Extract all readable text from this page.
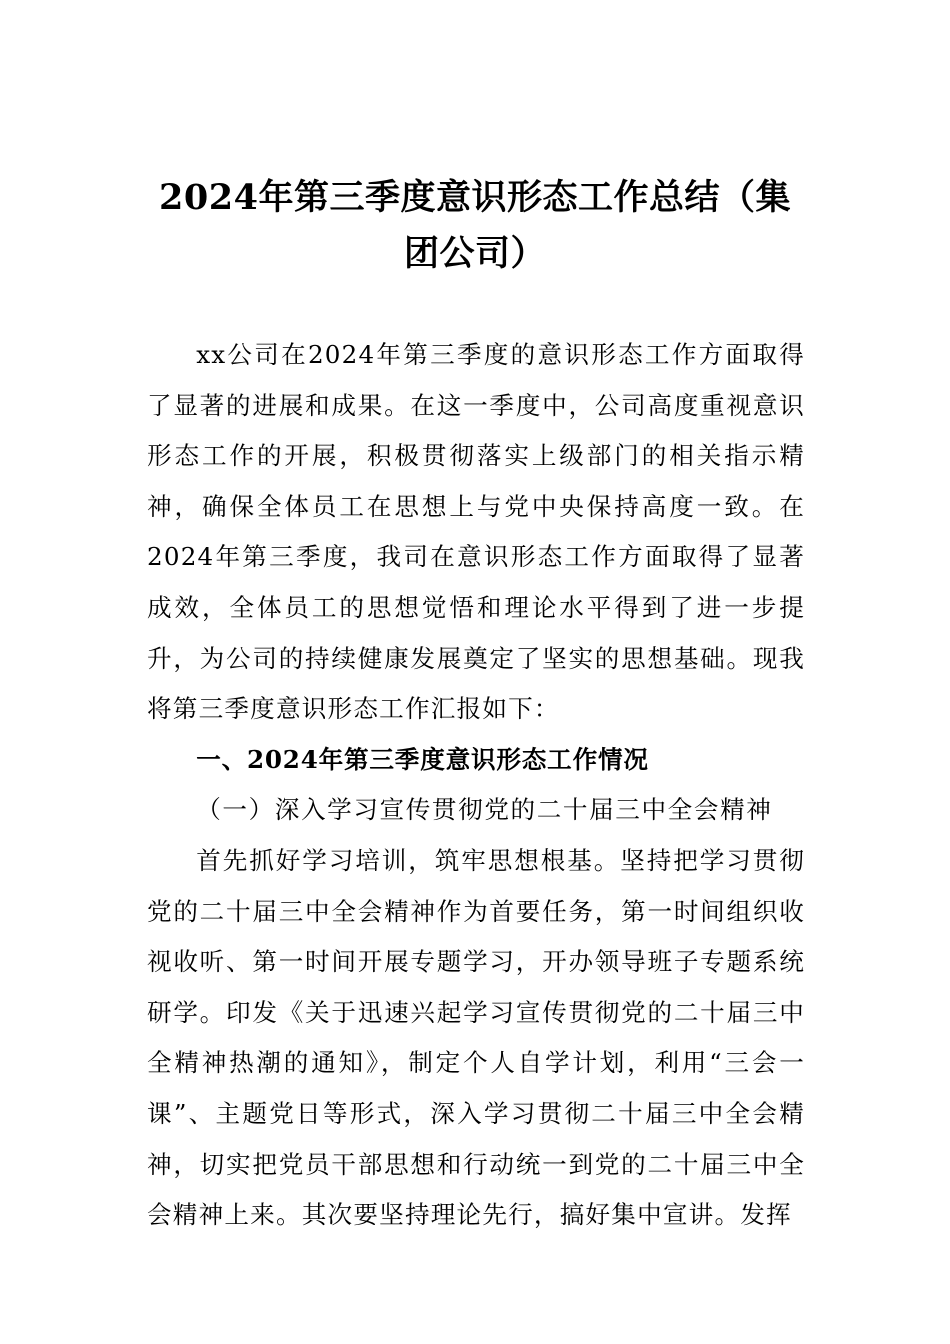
2024年第三季度意识形态工作总结（集团公司）

xx公司在2024年第三季度的意识形态工作方面取得了显著的进展和成果。在这一季度中，公司高度重视意识形态工作的开展，积极贯彻落实上级部门的相关指示精神，确保全体员工在思想上与党中央保持高度一致。在2024年第三季度，我司在意识形态工作方面取得了显著成效，全体员工的思想觉悟和理论水平得到了进一步提升，为公司的持续健康发展奠定了坚实的思想基础。现我将第三季度意识形态工作汇报如下：

一、2024年第三季度意识形态工作情况

（一）深入学习宣传贯彻党的二十届三中全会精神

首先抓好学习培训，筑牢思想根基。坚持把学习贯彻党的二十届三中全会精神作为首要任务，第一时间组织收视收听、第一时间开展专题学习，开办领导班子专题系统研学。印发《关于迅速兴起学习宣传贯彻党的二十届三中全精神热潮的通知》，制定个人自学计划，利用“三会一课”、主题党日等形式，深入学习贯彻二十届三中全会精神，切实把党员干部思想和行动统一到党的二十届三中全会精神上来。其次要坚持理论先行，搞好集中宣讲。发挥
